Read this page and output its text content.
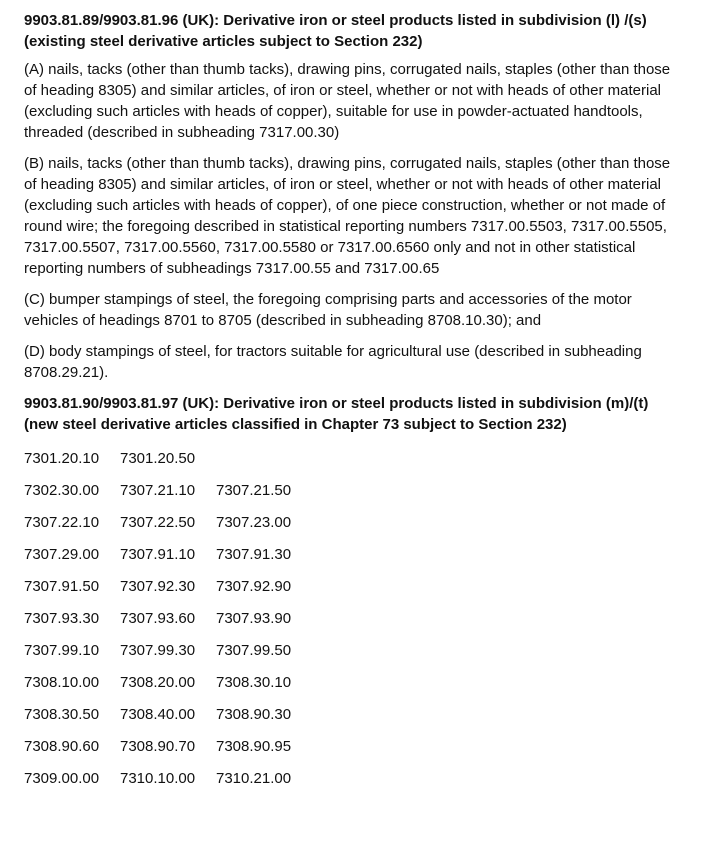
9903.81.89/9903.81.96 (UK): Derivative iron or steel products listed in subdivision (l) /(s) (existing steel derivative articles subject to Section 232)

(A) nails, tacks (other than thumb tacks), drawing pins, corrugated nails, staples (other than those of heading 8305) and similar articles, of iron or steel, whether or not with heads of other material (excluding such articles with heads of copper), suitable for use in powder-actuated handtools, threaded (described in subheading 7317.00.30)

(B) nails, tacks (other than thumb tacks), drawing pins, corrugated nails, staples (other than those of heading 8305) and similar articles, of iron or steel, whether or not with heads of other material (excluding such articles with heads of copper), of one piece construction, whether or not made of round wire; the foregoing described in statistical reporting numbers 7317.00.5503, 7317.00.5505, 7317.00.5507, 7317.00.5560, 7317.00.5580 or 7317.00.6560 only and not in other statistical reporting numbers of subheadings 7317.00.55 and 7317.00.65

(C) bumper stampings of steel, the foregoing comprising parts and accessories of the motor vehicles of headings 8701 to 8705 (described in subheading 8708.10.30); and

(D) body stampings of steel, for tractors suitable for agricultural use (described in subheading 8708.29.21).

9903.81.90/9903.81.97 (UK): Derivative iron or steel products listed in subdivision (m)/(t) (new steel derivative articles classified in Chapter 73 subject to Section 232)

7301.20.10	7301.20.50
7302.30.00	7307.21.10	7307.21.50
7307.22.10	7307.22.50	7307.23.00
7307.29.00	7307.91.10	7307.91.30
7307.91.50	7307.92.30	7307.92.90
7307.93.30	7307.93.60	7307.93.90
7307.99.10	7307.99.30	7307.99.50
7308.10.00	7308.20.00	7308.30.10
7308.30.50	7308.40.00	7308.90.30
7308.90.60	7308.90.70	7308.90.95
7309.00.00	7310.10.00	7310.21.00
